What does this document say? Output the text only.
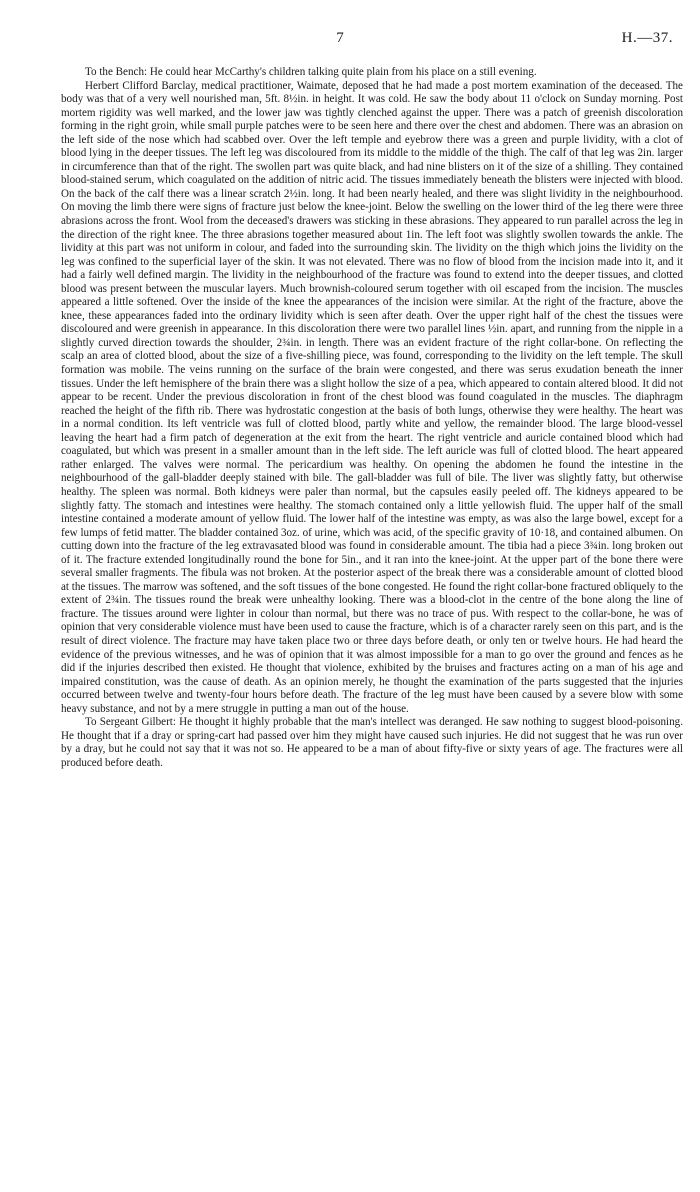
7	H.—37.

To the Bench: He could hear McCarthy's children talking quite plain from his place on a still evening.

Herbert Clifford Barclay, medical practitioner, Waimate, deposed that he had made a post mortem examination of the deceased. The body was that of a very well nourished man, 5ft. 8½in. in height. It was cold. He saw the body about 11 o'clock on Sunday morning. Post mortem rigidity was well marked, and the lower jaw was tightly clenched against the upper. There was a patch of greenish discoloration forming in the right groin, while small purple patches were to be seen here and there over the chest and abdomen. There was an abrasion on the left side of the nose which had scabbed over. Over the left temple and eyebrow there was a green and purple lividity, with a clot of blood lying in the deeper tissues. The left leg was discoloured from its middle to the middle of the thigh. The calf of that leg was 2in. larger in circumference than that of the right. The swollen part was quite black, and had nine blisters on it of the size of a shilling. They contained blood-stained serum, which coagulated on the addition of nitric acid. The tissues immediately beneath the blisters were injected with blood. On the back of the calf there was a linear scratch 2½in. long. It had been nearly healed, and there was slight lividity in the neighbourhood. On moving the limb there were signs of fracture just below the knee-joint. Below the swelling on the lower third of the leg there were three abrasions across the front. Wool from the deceased's drawers was sticking in these abrasions. They appeared to run parallel across the leg in the direction of the right knee. The three abrasions together measured about 1in. The left foot was slightly swollen towards the ankle. The lividity at this part was not uniform in colour, and faded into the surrounding skin. The lividity on the thigh which joins the lividity on the leg was confined to the superficial layer of the skin. It was not elevated. There was no flow of blood from the incision made into it, and it had a fairly well defined margin. The lividity in the neighbourhood of the fracture was found to extend into the deeper tissues, and clotted blood was present between the muscular layers. Much brownish-coloured serum together with oil escaped from the incision. The muscles appeared a little softened. Over the inside of the knee the appearances of the incision were similar. At the right of the fracture, above the knee, these appearances faded into the ordinary lividity which is seen after death. Over the upper right half of the chest the tissues were discoloured and were greenish in appearance. In this discoloration there were two parallel lines ½in. apart, and running from the nipple in a slightly curved direction towards the shoulder, 2¾in. in length. There was an evident fracture of the right collar-bone. On reflecting the scalp an area of clotted blood, about the size of a five-shilling piece, was found, corresponding to the lividity on the left temple. The skull formation was mobile. The veins running on the surface of the brain were congested, and there was serus exudation beneath the inner tissues. Under the left hemisphere of the brain there was a slight hollow the size of a pea, which appeared to contain altered blood. It did not appear to be recent. Under the previous discoloration in front of the chest blood was found coagulated in the muscles. The diaphragm reached the height of the fifth rib. There was hydrostatic congestion at the basis of both lungs, otherwise they were healthy. The heart was in a normal condition. Its left ventricle was full of clotted blood, partly white and yellow, the remainder blood. The large blood-vessel leaving the heart had a firm patch of degeneration at the exit from the heart. The right ventricle and auricle contained blood which had coagulated, but which was present in a smaller amount than in the left side. The left auricle was full of clotted blood. The heart appeared rather enlarged. The valves were normal. The pericardium was healthy. On opening the abdomen he found the intestine in the neighbourhood of the gall-bladder deeply stained with bile. The gall-bladder was full of bile. The liver was slightly fatty, but otherwise healthy. The spleen was normal. Both kidneys were paler than normal, but the capsules easily peeled off. The kidneys appeared to be slightly fatty. The stomach and intestines were healthy. The stomach contained only a little yellowish fluid. The upper half of the small intestine contained a moderate amount of yellow fluid. The lower half of the intestine was empty, as was also the large bowel, except for a few lumps of fetid matter. The bladder contained 3oz. of urine, which was acid, of the specific gravity of 10·18, and contained albumen. On cutting down into the fracture of the leg extravasated blood was found in considerable amount. The tibia had a piece 3¾in. long broken out of it. The fracture extended longitudinally round the bone for 5in., and it ran into the knee-joint. At the upper part of the bone there were several smaller fragments. The fibula was not broken. At the posterior aspect of the break there was a considerable amount of clotted blood at the tissues. The marrow was softened, and the soft tissues of the bone congested. He found the right collar-bone fractured obliquely to the extent of 2¾in. The tissues round the break were unhealthy looking. There was a blood-clot in the centre of the bone along the line of fracture. The tissues around were lighter in colour than normal, but there was no trace of pus. With respect to the collar-bone, he was of opinion that very considerable violence must have been used to cause the fracture, which is of a character rarely seen on this part, and is the result of direct violence. The fracture may have taken place two or three days before death, or only ten or twelve hours. He had heard the evidence of the previous witnesses, and he was of opinion that it was almost impossible for a man to go over the ground and fences as he did if the injuries described then existed. He thought that violence, exhibited by the bruises and fractures acting on a man of his age and impaired constitution, was the cause of death. As an opinion merely, he thought the examination of the parts suggested that the injuries occurred between twelve and twenty-four hours before death. The fracture of the leg must have been caused by a severe blow with some heavy substance, and not by a mere struggle in putting a man out of the house.

To Sergeant Gilbert: He thought it highly probable that the man's intellect was deranged. He saw nothing to suggest blood-poisoning. He thought that if a dray or spring-cart had passed over him they might have caused such injuries. He did not suggest that he was run over by a dray, but he could not say that it was not so. He appeared to be a man of about fifty-five or sixty years of age. The fractures were all produced before death.
